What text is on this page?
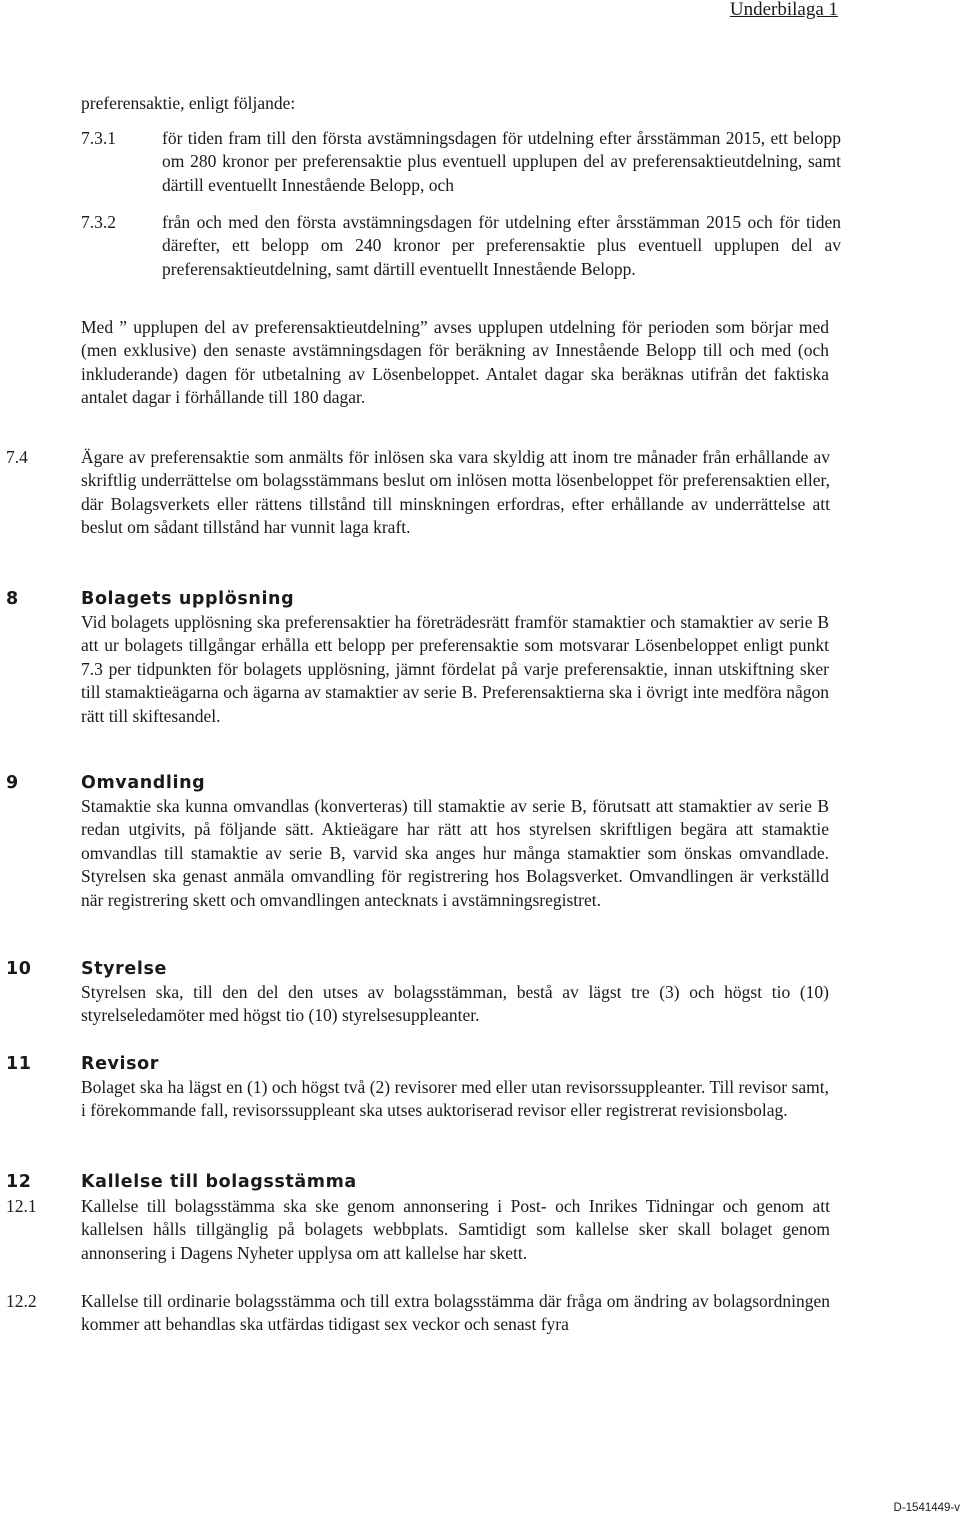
Underbilaga 1
preferensaktie, enligt följande:
7.3.1	för tiden fram till den första avstämningsdagen för utdelning efter årsstämman 2015, ett belopp om 280 kronor per preferensaktie plus eventuell upplupen del av preferensaktieutdelning, samt därtill eventuellt Innestående Belopp, och
7.3.2	från och med den första avstämningsdagen för utdelning efter årsstämman 2015 och för tiden därefter, ett belopp om 240 kronor per preferensaktie plus eventuell upplupen del av preferensaktieutdelning, samt därtill eventuellt Innestående Belopp.
Med ” upplupen del av preferensaktieutdelning” avses upplupen utdelning för perioden som börjar med (men exklusive) den senaste avstämningsdagen för beräkning av Innestående Belopp till och med (och inkluderande) dagen för utbetalning av Lösenbeloppet. Antalet dagar ska beräknas utifrån det faktiska antalet dagar i förhållande till 180 dagar.
7.4	Ägare av preferensaktie som anmälts för inlösen ska vara skyldig att inom tre månader från erhållande av skriftlig underrättelse om bolagsstämmans beslut om inlösen motta lösenbeloppet för preferensaktien eller, där Bolagsverkets eller rättens tillstånd till minskningen erfordras, efter erhållande av underrättelse att beslut om sådant tillstånd har vunnit laga kraft.
8	Bolagets upplösning
Vid bolagets upplösning ska preferensaktier ha företrädesrätt framför stamaktier och stamaktier av serie B att ur bolagets tillgångar erhålla ett belopp per preferensaktie som motsvarar Lösenbeloppet enligt punkt 7.3 per tidpunkten för bolagets upplösning, jämnt fördelat på varje preferensaktie, innan utskiftning sker till stamaktieägarna och ägarna av stamaktier av serie B. Preferensaktierna ska i övrigt inte medföra någon rätt till skiftesandel.
9	Omvandling
Stamaktie ska kunna omvandlas (konverteras) till stamaktie av serie B, förutsatt att stamaktier av serie B redan utgivits, på följande sätt. Aktieägare har rätt att hos styrelsen skriftligen begära att stamaktie omvandlas till stamaktie av serie B, varvid ska anges hur många stamaktier som önskas omvandlade. Styrelsen ska genast anmäla omvandling för registrering hos Bolagsverket. Omvandlingen är verkställd när registrering skett och omvandlingen antecknats i avstämningsregistret.
10	Styrelse
Styrelsen ska, till den del den utses av bolagsstämman, bestå av lägst tre (3) och högst tio (10) styrelseledamöter med högst tio (10) styrelsesuppleanter.
11	Revisor
Bolaget ska ha lägst en (1) och högst två (2) revisorer med eller utan revisorssuppleanter. Till revisor samt, i förekommande fall, revisorssuppleant ska utses auktoriserad revisor eller registrerat revisionsbolag.
12	Kallelse till bolagsstämma
12.1	Kallelse till bolagsstämma ska ske genom annonsering i Post- och Inrikes Tidningar och genom att kallelsen hålls tillgänglig på bolagets webbplats. Samtidigt som kallelse sker skall bolaget genom annonsering i Dagens Nyheter upplysa om att kallelse har skett.
12.2	Kallelse till ordinarie bolagsstämma och till extra bolagsstämma där fråga om ändring av bolagsordningen kommer att behandlas ska utfärdas tidigast sex veckor och senast fyra
D-1541449-v
